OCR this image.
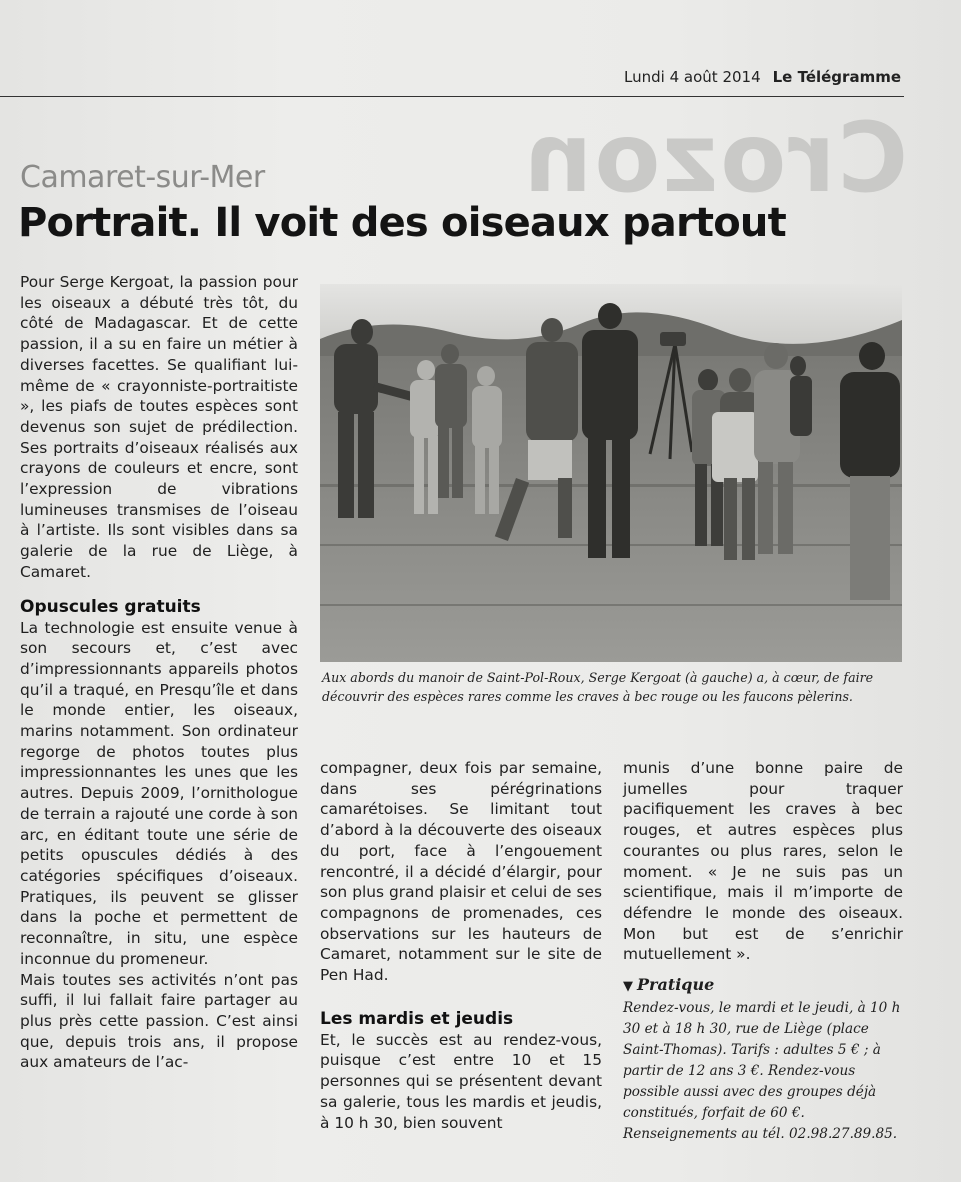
Crozon
Lundi 4 août 2014 Le Télégramme
Camaret-sur-Mer
Portrait. Il voit des oiseaux partout

Pour Serge Kergoat, la passion pour les oiseaux a débuté très tôt, du côté de Madagascar. Et de cette passion, il a su en faire un métier à diverses facettes. Se qualifiant lui-même de « crayonniste-portraitiste », les piafs de toutes espèces sont devenus son sujet de prédilection. Ses portraits d’oiseaux réalisés aux crayons de couleurs et encre, sont l’expression de vibrations lumineuses transmises de l’oiseau à l’artiste. Ils sont visibles dans sa galerie de la rue de Liège, à Camaret.

Opuscules gratuits

La technologie est ensuite venue à son secours et, c’est avec d’impressionnants appareils photos qu’il a traqué, en Presqu’île et dans le monde entier, les oiseaux, marins notamment. Son ordinateur regorge de photos toutes plus impressionnantes les unes que les autres. Depuis 2009, l’ornithologue de terrain a rajouté une corde à son arc, en éditant toute une série de petits opuscules dédiés à des catégories spécifiques d’oiseaux. Pratiques, ils peuvent se glisser dans la poche et permettent de reconnaître, in situ, une espèce inconnue du promeneur.

Mais toutes ses activités n’ont pas suffi, il lui fallait faire partager au plus près cette passion. C’est ainsi que, depuis trois ans, il propose aux amateurs de l’ac-

Aux abords du manoir de Saint-Pol-Roux, Serge Kergoat (à gauche) a, à cœur, de faire découvrir des espèces rares comme les craves à bec rouge ou les faucons pèlerins.

compagner, deux fois par semaine, dans ses pérégrinations camarétoises. Se limitant tout d’abord à la découverte des oiseaux du port, face à l’engouement rencontré, il a décidé d’élargir, pour son plus grand plaisir et celui de ses compagnons de promenades, ces observations sur les hauteurs de Camaret, notamment sur le site de Pen Had.

Les mardis et jeudis

Et, le succès est au rendez-vous, puisque c’est entre 10 et 15 personnes qui se présentent devant sa galerie, tous les mardis et jeudis, à 10 h 30, bien souvent

munis d’une bonne paire de jumelles pour traquer pacifiquement les craves à bec rouges, et autres espèces plus courantes ou plus rares, selon le moment. « Je ne suis pas un scientifique, mais il m’importe de défendre le monde des oiseaux. Mon but est de s’enrichir mutuellement ».

▼ Pratique

Rendez-vous, le mardi et le jeudi, à 10 h 30 et à 18 h 30, rue de Liège (place Saint-Thomas). Tarifs : adultes 5 € ; à partir de 12 ans 3 €. Rendez-vous possible aussi avec des groupes déjà constitués, forfait de 60 €. Renseignements au tél. 02.98.27.89.85.
